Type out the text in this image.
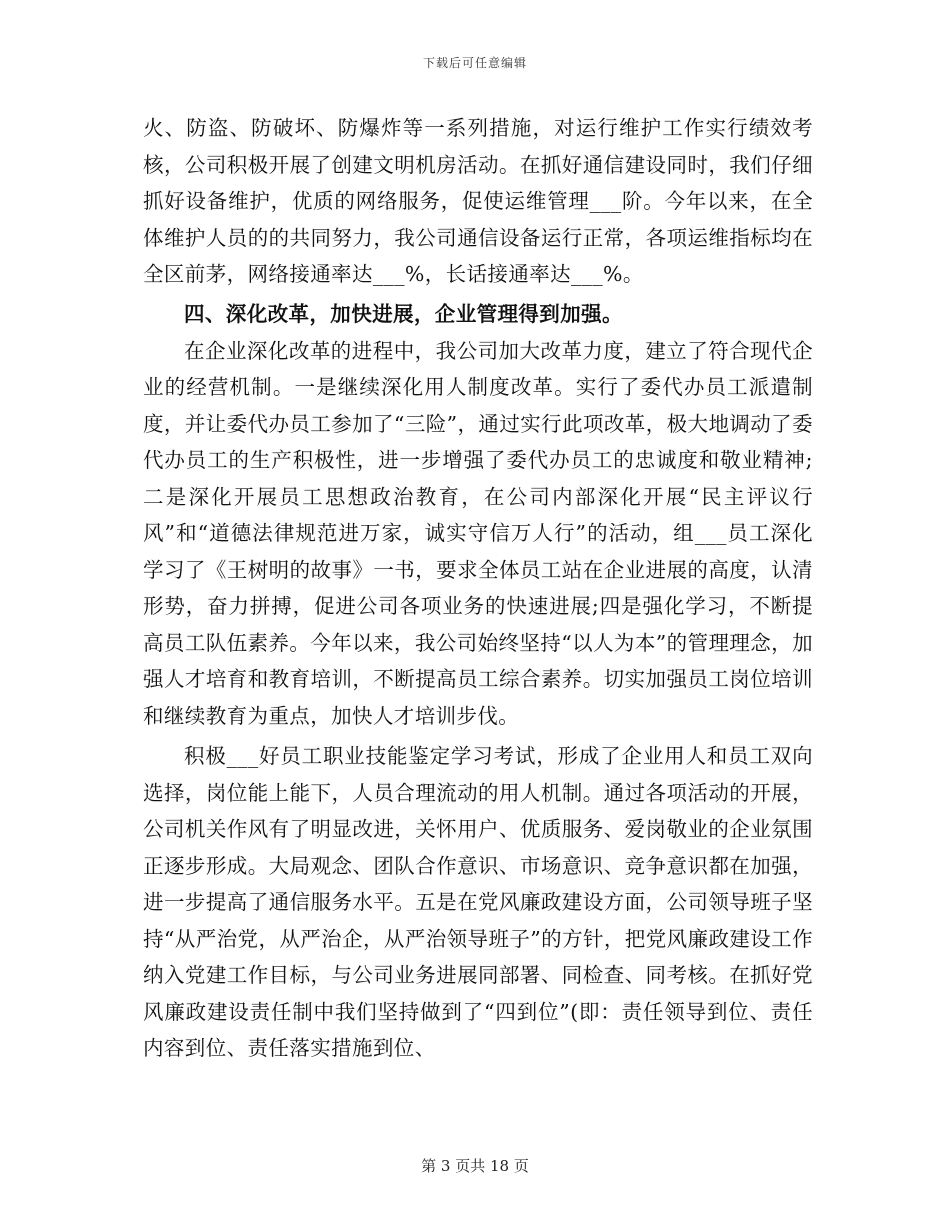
下载后可任意编辑

火、防盗、防破坏、防爆炸等一系列措施，对运行维护工作实行绩效考核，公司积极开展了创建文明机房活动。在抓好通信建设同时，我们仔细抓好设备维护，优质的网络服务，促使运维管理___阶。今年以来，在全体维护人员的的共同努力，我公司通信设备运行正常，各项运维指标均在全区前茅，网络接通率达___%，长话接通率达___%。

四、深化改革，加快进展，企业管理得到加强。

在企业深化改革的进程中，我公司加大改革力度，建立了符合现代企业的经营机制。一是继续深化用人制度改革。实行了委代办员工派遣制度，并让委代办员工参加了“三险”，通过实行此项改革，极大地调动了委代办员工的生产积极性，进一步增强了委代办员工的忠诚度和敬业精神;二是深化开展员工思想政治教育，在公司内部深化开展“民主评议行风”和“道德法律规范进万家，诚实守信万人行”的活动，组___员工深化学习了《王树明的故事》一书，要求全体员工站在企业进展的高度，认清形势，奋力拼搏，促进公司各项业务的快速进展;四是强化学习，不断提高员工队伍素养。今年以来，我公司始终坚持“以人为本”的管理理念，加强人才培育和教育培训，不断提高员工综合素养。切实加强员工岗位培训和继续教育为重点，加快人才培训步伐。

积极___好员工职业技能鉴定学习考试，形成了企业用人和员工双向选择，岗位能上能下，人员合理流动的用人机制。通过各项活动的开展，公司机关作风有了明显改进，关怀用户、优质服务、爱岗敬业的企业氛围正逐步形成。大局观念、团队合作意识、市场意识、竞争意识都在加强，进一步提高了通信服务水平。五是在党风廉政建设方面，公司领导班子坚持“从严治党，从严治企，从严治领导班子”的方针，把党风廉政建设工作纳入党建工作目标，与公司业务进展同部署、同检查、同考核。在抓好党风廉政建设责任制中我们坚持做到了“四到位”(即：责任领导到位、责任内容到位、责任落实措施到位、

第 3 页共 18 页
